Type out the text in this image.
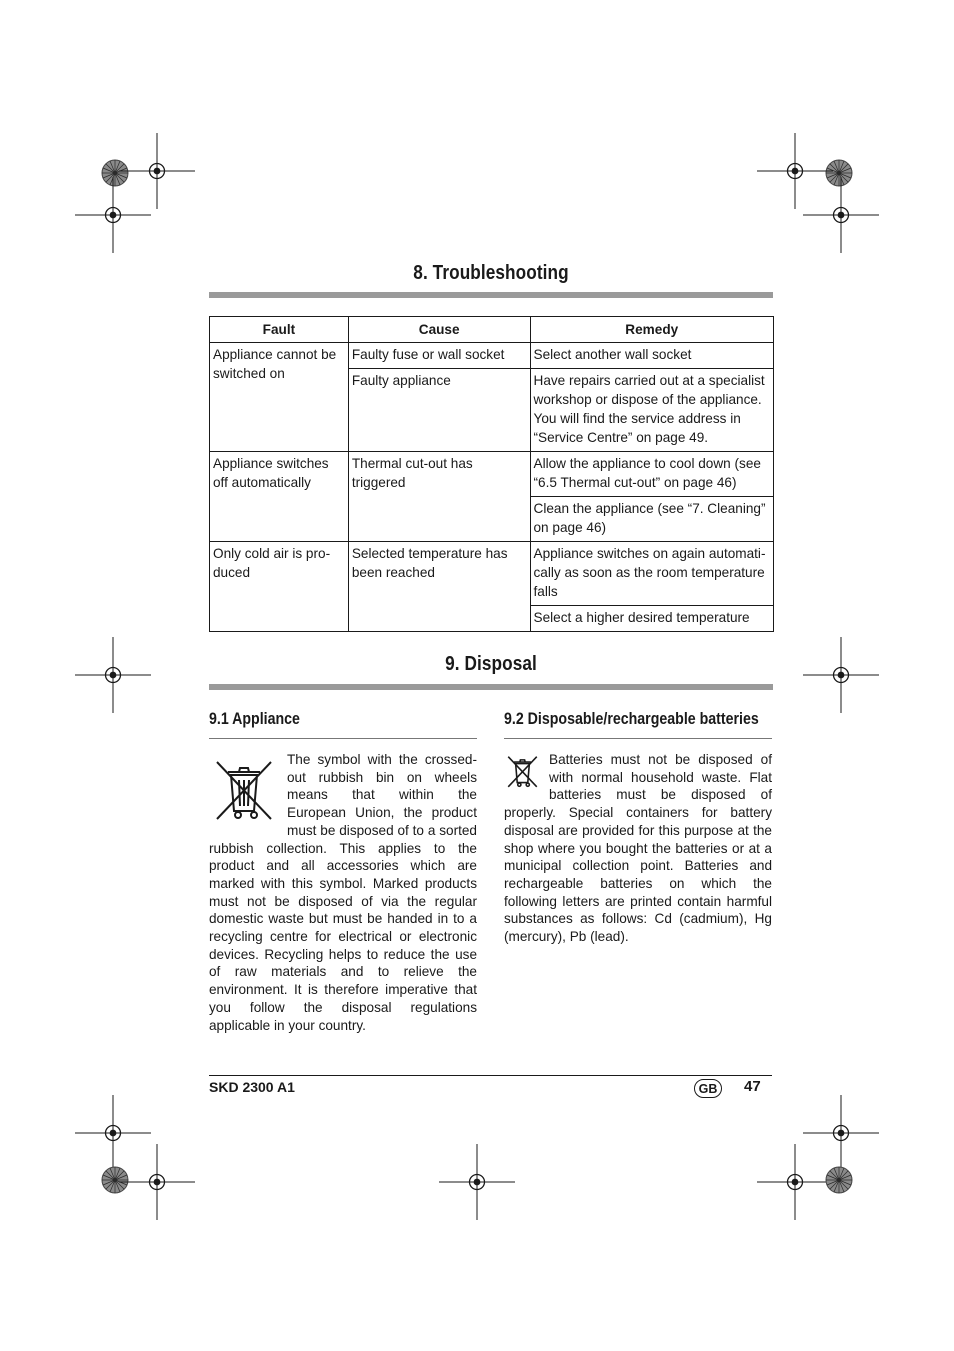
8. Troubleshooting
Fault	Cause	Remedy
Appliance cannot be switched on	Faulty fuse or wall socket	Select another wall socket
	Faulty appliance	Have repairs carried out at a specialist workshop or dispose of the appliance. You will find the service address in “Service Centre” on page 49.
Appliance switches off automatically	Thermal cut-out has triggered	Allow the appliance to cool down (see “6.5 Thermal cut-out” on page 46)
		Clean the appliance (see “7. Cleaning” on page 46)
Only cold air is pro-duced	Selected temperature has been reached	Appliance switches on again automati-cally as soon as the room temperature falls
		Select a higher desired temperature
9. Disposal
9.1 Appliance	9.2 Disposable/rechargeable batteries

The symbol with the crossed-out rubbish bin on wheels means that within the European Union, the product must be disposed of to a sorted rubbish collection. This applies to the product and all accessories which are marked with this symbol. Marked products must not be disposed of via the regular domestic waste but must be handed in to a recycling centre for electrical or electronic devices. Recycling helps to reduce the use of raw materials and to relieve the environment. It is therefore imperative that you follow the disposal regulations applicable in your country.

Batteries must not be disposed of with normal household waste. Flat batteries must be disposed of properly. Special containers for battery disposal are provided for this purpose at the shop where you bought the batteries or at a municipal collection point. Batteries and rechargeable batteries on which the following letters are printed contain harmful substances as follows: Cd (cadmium), Hg (mercury), Pb (lead).

SKD 2300 A1	GB	47
